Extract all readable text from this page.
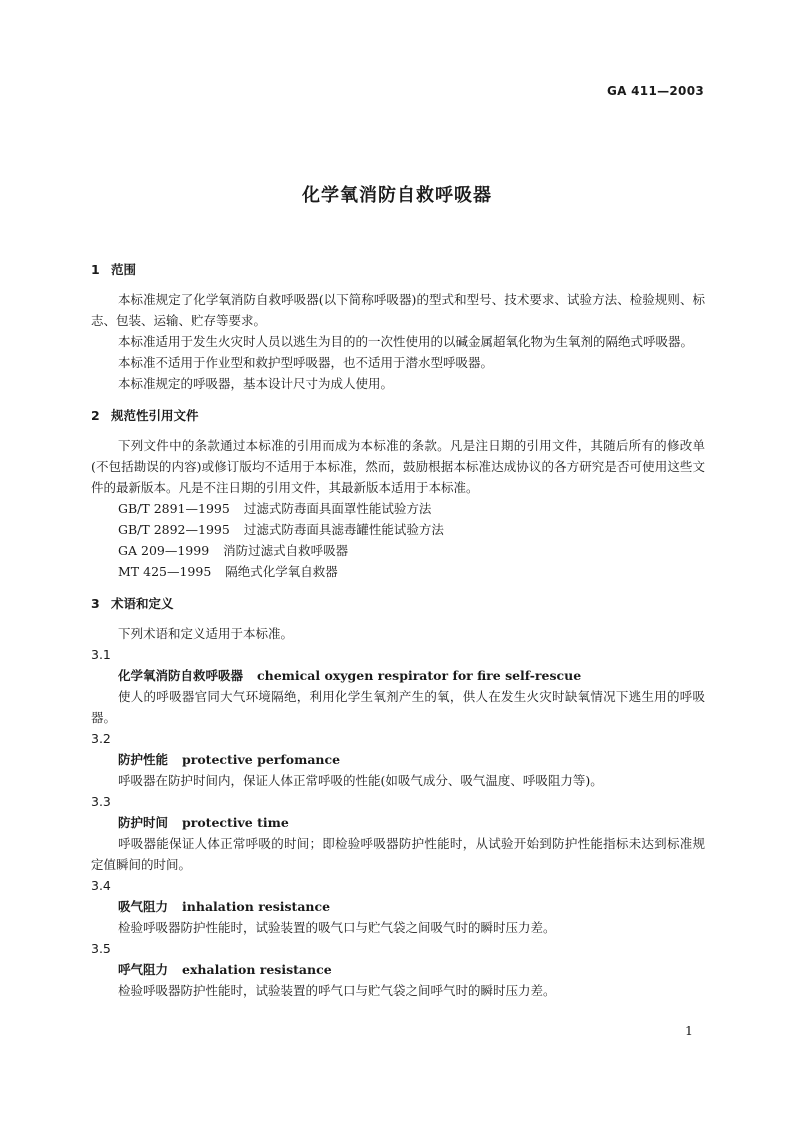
GA 411—2003
化学氧消防自救呼吸器
1 范围

本标准规定了化学氧消防自救呼吸器(以下简称呼吸器)的型式和型号、技术要求、试验方法、检验规则、标志、包装、运输、贮存等要求。

本标准适用于发生火灾时人员以逃生为目的的一次性使用的以碱金属超氧化物为生氧剂的隔绝式呼吸器。

本标准不适用于作业型和救护型呼吸器，也不适用于潜水型呼吸器。

本标准规定的呼吸器，基本设计尺寸为成人使用。

2 规范性引用文件

下列文件中的条款通过本标准的引用而成为本标准的条款。凡是注日期的引用文件，其随后所有的修改单(不包括勘误的内容)或修订版均不适用于本标准，然而，鼓励根据本标准达成协议的各方研究是否可使用这些文件的最新版本。凡是不注日期的引用文件，其最新版本适用于本标准。

GB/T 2891—1995 过滤式防毒面具面罩性能试验方法

GB/T 2892—1995 过滤式防毒面具滤毒罐性能试验方法

GA 209—1999 消防过滤式自救呼吸器

MT 425—1995 隔绝式化学氧自救器

3 术语和定义

下列术语和定义适用于本标准。

3.1

化学氧消防自救呼吸器 chemical oxygen respirator for fire self-rescue

使人的呼吸器官同大气环境隔绝，利用化学生氧剂产生的氧，供人在发生火灾时缺氧情况下逃生用的呼吸器。

3.2

防护性能 protective perfomance

呼吸器在防护时间内，保证人体正常呼吸的性能(如吸气成分、吸气温度、呼吸阻力等)。

3.3

防护时间 protective time

呼吸器能保证人体正常呼吸的时间；即检验呼吸器防护性能时，从试验开始到防护性能指标未达到标准规定值瞬间的时间。

3.4

吸气阻力 inhalation resistance

检验呼吸器防护性能时，试验装置的吸气口与贮气袋之间吸气时的瞬时压力差。

3.5

呼气阻力 exhalation resistance

检验呼吸器防护性能时，试验装置的呼气口与贮气袋之间呼气时的瞬时压力差。

1
